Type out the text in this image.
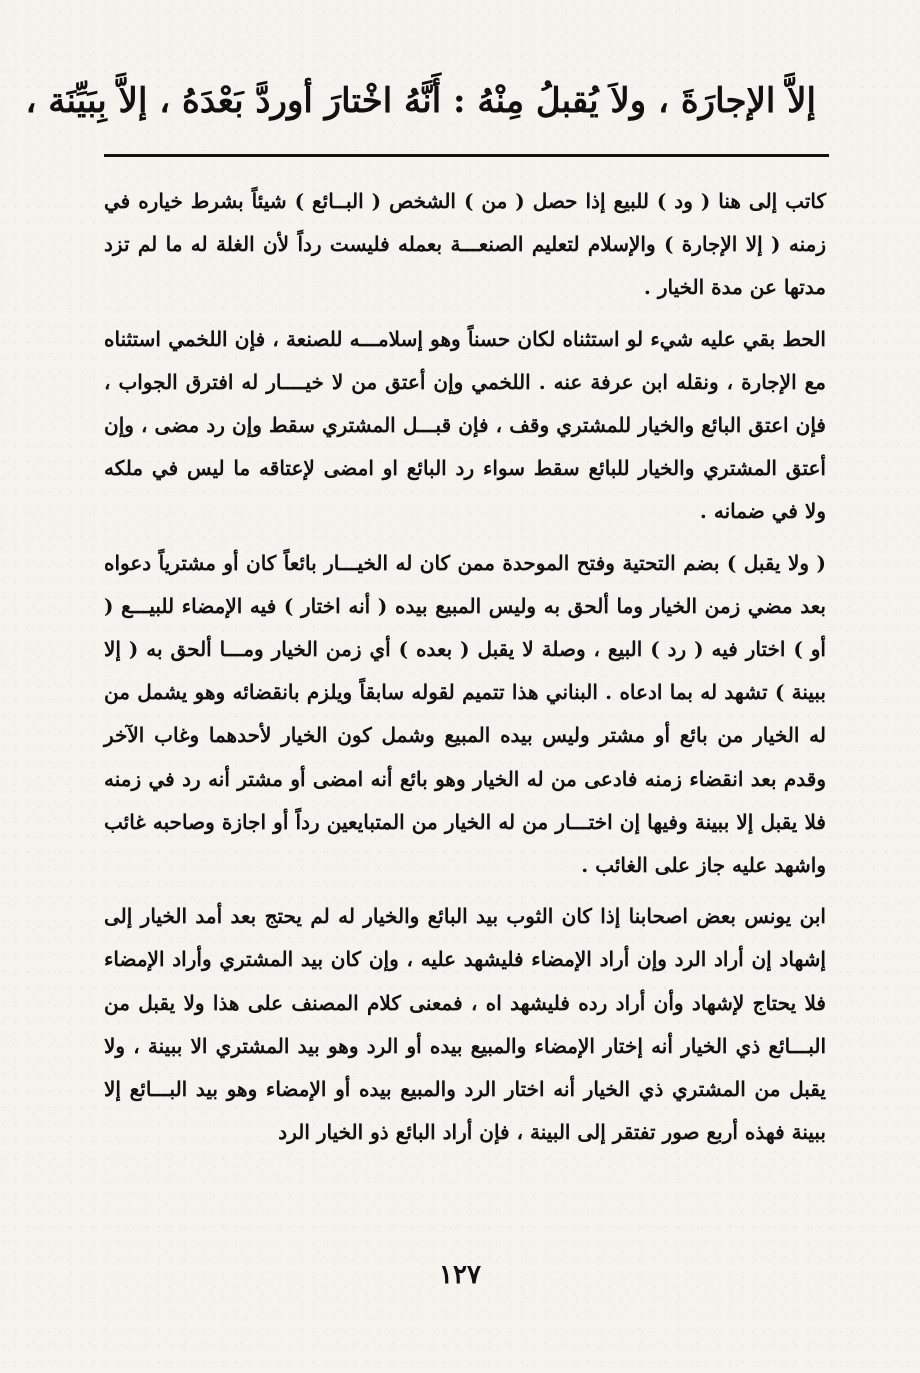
إلاَّ الإجارَةَ ، ولاَ يُقبلُ مِنْهُ : أَنَّهُ اخْتارَ أوردَّ بَعْدَهُ ، إلاَّ بِبَيِّنَة ،

كاتب إلى هنا ( ود ) للبيع إذا حصل ( من ) الشخص ( البــائع ) شيئاً بشرط خياره في زمنه ( إلا الإجارة ) والإسلام لتعليم الصنعـــة بعمله فليست رداً لأن الغلة له ما لم تزد مدتها عن مدة الخيار .

الحط بقي عليه شيء لو استثناه لكان حسناً وهو إسلامـــه للصنعة ، فإن اللخمي استثناه مع الإجارة ، ونقله ابن عرفة عنه . اللخمي وإن أعتق من لا خيــــار له افترق الجواب ، فإن اعتق البائع والخيار للمشتري وقف ، فإن قبـــل المشتري سقط وإن رد مضى ، وإن أعتق المشتري والخيار للبائع سقط سواء رد البائع او امضى لإعتاقه ما ليس في ملكه ولا في ضمانه .

( ولا يقبل ) بضم التحتية وفتح الموحدة ممن كان له الخيـــار بائعاً كان أو مشترياً دعواه بعد مضي زمن الخيار وما ألحق به وليس المبيع بيده ( أنه اختار ) فيه الإمضاء للبيـــع ( أو ) اختار فيه ( رد ) البيع ، وصلة لا يقبل ( بعده ) أي زمن الخيار ومـــا ألحق به ( إلا ببينة ) تشهد له بما ادعاه . البناني هذا تتميم لقوله سابقاً ويلزم بانقضائه وهو يشمل من له الخيار من بائع أو مشتر وليس بيده المبيع وشمل كون الخيار لأحدهما وغاب الآخر وقدم بعد انقضاء زمنه فادعى من له الخيار وهو بائع أنه امضى أو مشتر أنه رد في زمنه فلا يقبل إلا ببينة وفيها إن اختـــار من له الخيار من المتبايعين رداً أو اجازة وصاحبه غائب واشهد عليه جاز على الغائب .

ابن يونس بعض اصحابنا إذا كان الثوب بيد البائع والخيار له لم يحتج بعد أمد الخيار إلى إشهاد إن أراد الرد وإن أراد الإمضاء فليشهد عليه ، وإن كان بيد المشتري وأراد الإمضاء فلا يحتاج لإشهاد وأن أراد رده فليشهد اه ، فمعنى كلام المصنف على هذا ولا يقبل من البـــائع ذي الخيار أنه إختار الإمضاء والمبيع بيده أو الرد وهو بيد المشتري الا ببينة ، ولا يقبل من المشتري ذي الخيار أنه اختار الرد والمبيع بيده أو الإمضاء وهو بيد البـــائع إلا ببينة فهذه أربع صور تفتقر إلى البينة ، فإن أراد البائع ذو الخيار الرد

١٢٧
